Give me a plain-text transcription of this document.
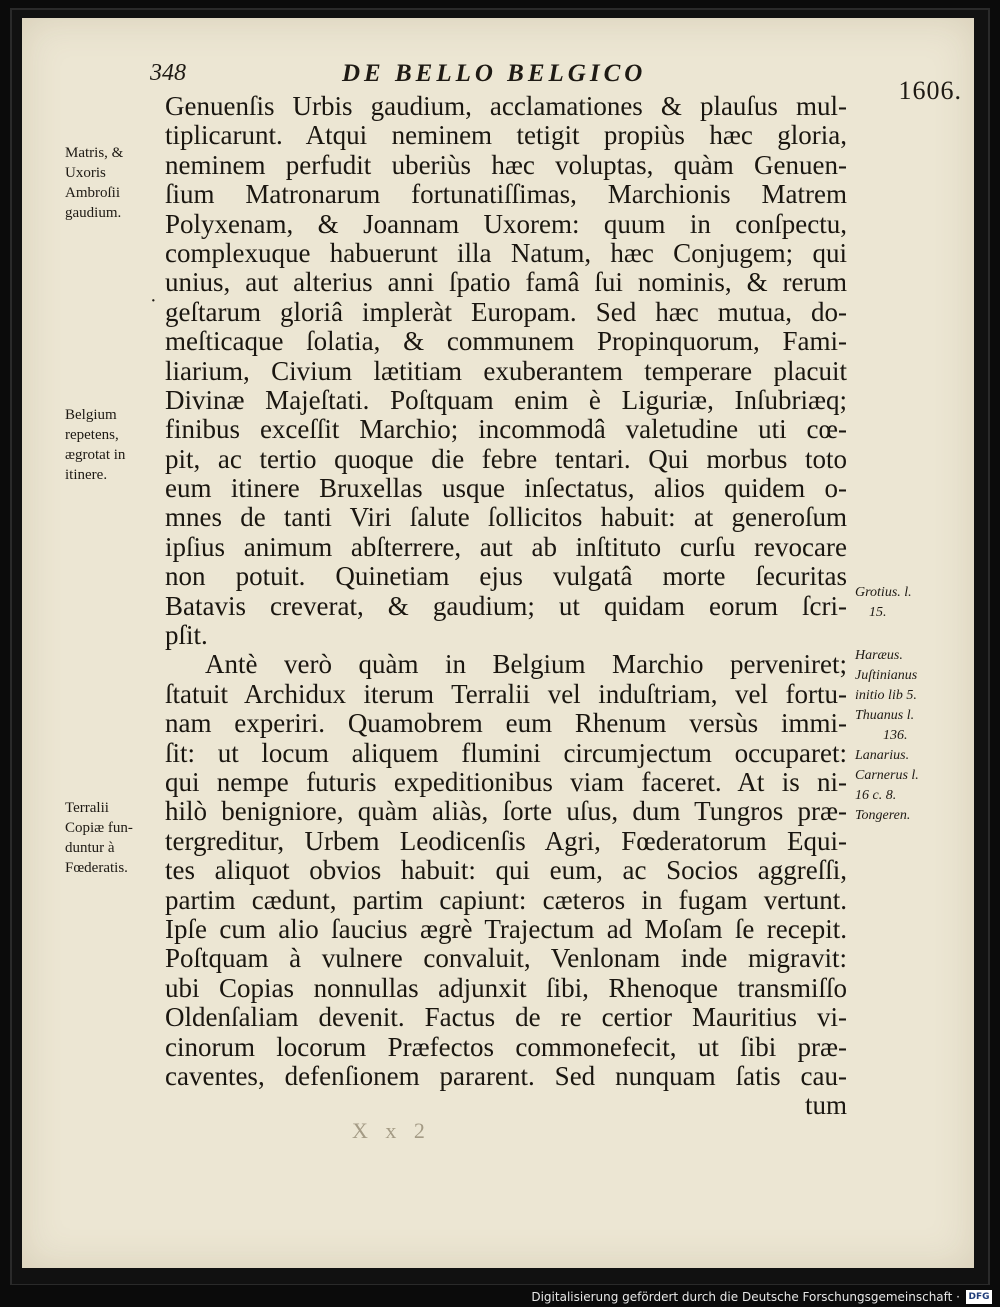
348	DE BELLO BELGICO
1606.
·
Matris, &
Uxoris
Ambroſii
gaudium.
Belgium
repetens,
ægrotat in
itinere.
Terralii
Copiæ fun-
duntur à
Fœderatis.
Grotius. l.
15.
Haræus.
Juſtinianus
initio lib 5.
Thuanus l.
136.
Lanarius.
Carnerus l.
16 c. 8.
Tongeren.
Genuenſis Urbis gaudium, acclamationes & plauſus mul-
tiplicarunt. Atqui neminem tetigit propiùs hæc gloria,
neminem perfudit uberiùs hæc voluptas, quàm Genuen-
ſium Matronarum fortunatiſſimas, Marchionis Matrem
Polyxenam, & Joannam Uxorem: quum in conſpectu,
complexuque habuerunt illa Natum, hæc Conjugem; qui
unius, aut alterius anni ſpatio famâ ſui nominis, & rerum
geſtarum gloriâ impleràt Europam. Sed hæc mutua, do-
meſticaque ſolatia, & communem Propinquorum, Fami-
liarium, Civium lætitiam exuberantem temperare placuit
Divinæ Majeſtati. Poſtquam enim è Liguriæ, Inſubriæq;
finibus exceſſit Marchio; incommodâ valetudine uti cœ-
pit, ac tertio quoque die febre tentari. Qui morbus toto
eum itinere Bruxellas usque inſectatus, alios quidem o-
mnes de tanti Viri ſalute ſollicitos habuit: at generoſum
ipſius animum abſterrere, aut ab inſtituto curſu revocare
non potuit. Quinetiam ejus vulgatâ morte ſecuritas
Batavis creverat, & gaudium; ut quidam eorum ſcri-
pſit.
Antè verò quàm in Belgium Marchio perveniret;
ſtatuit Archidux iterum Terralii vel induſtriam, vel fortu-
nam experiri. Quamobrem eum Rhenum versùs immi-
ſit: ut locum aliquem flumini circumjectum occuparet:
qui nempe futuris expeditionibus viam faceret. At is ni-
hilò benigniore, quàm aliàs, ſorte uſus, dum Tungros præ-
tergreditur, Urbem Leodicenſis Agri, Fœderatorum Equi-
tes aliquot obvios habuit: qui eum, ac Socios aggreſſi,
partim cædunt, partim capiunt: cæteros in fugam vertunt.
Ipſe cum alio ſaucius ægrè Trajectum ad Moſam ſe recepit.
Poſtquam à vulnere convaluit, Venlonam inde migravit:
ubi Copias nonnullas adjunxit ſibi, Rhenoque transmiſſo
Oldenſaliam devenit. Factus de re certior Mauritius vi-
cinorum locorum Præfectos commonefecit, ut ſibi præ-
caventes, defenſionem pararent. Sed nunquam ſatis cau-
tum
X x 2
Digitalisierung gefördert durch die Deutsche Forschungsgemeinschaft · DFG
